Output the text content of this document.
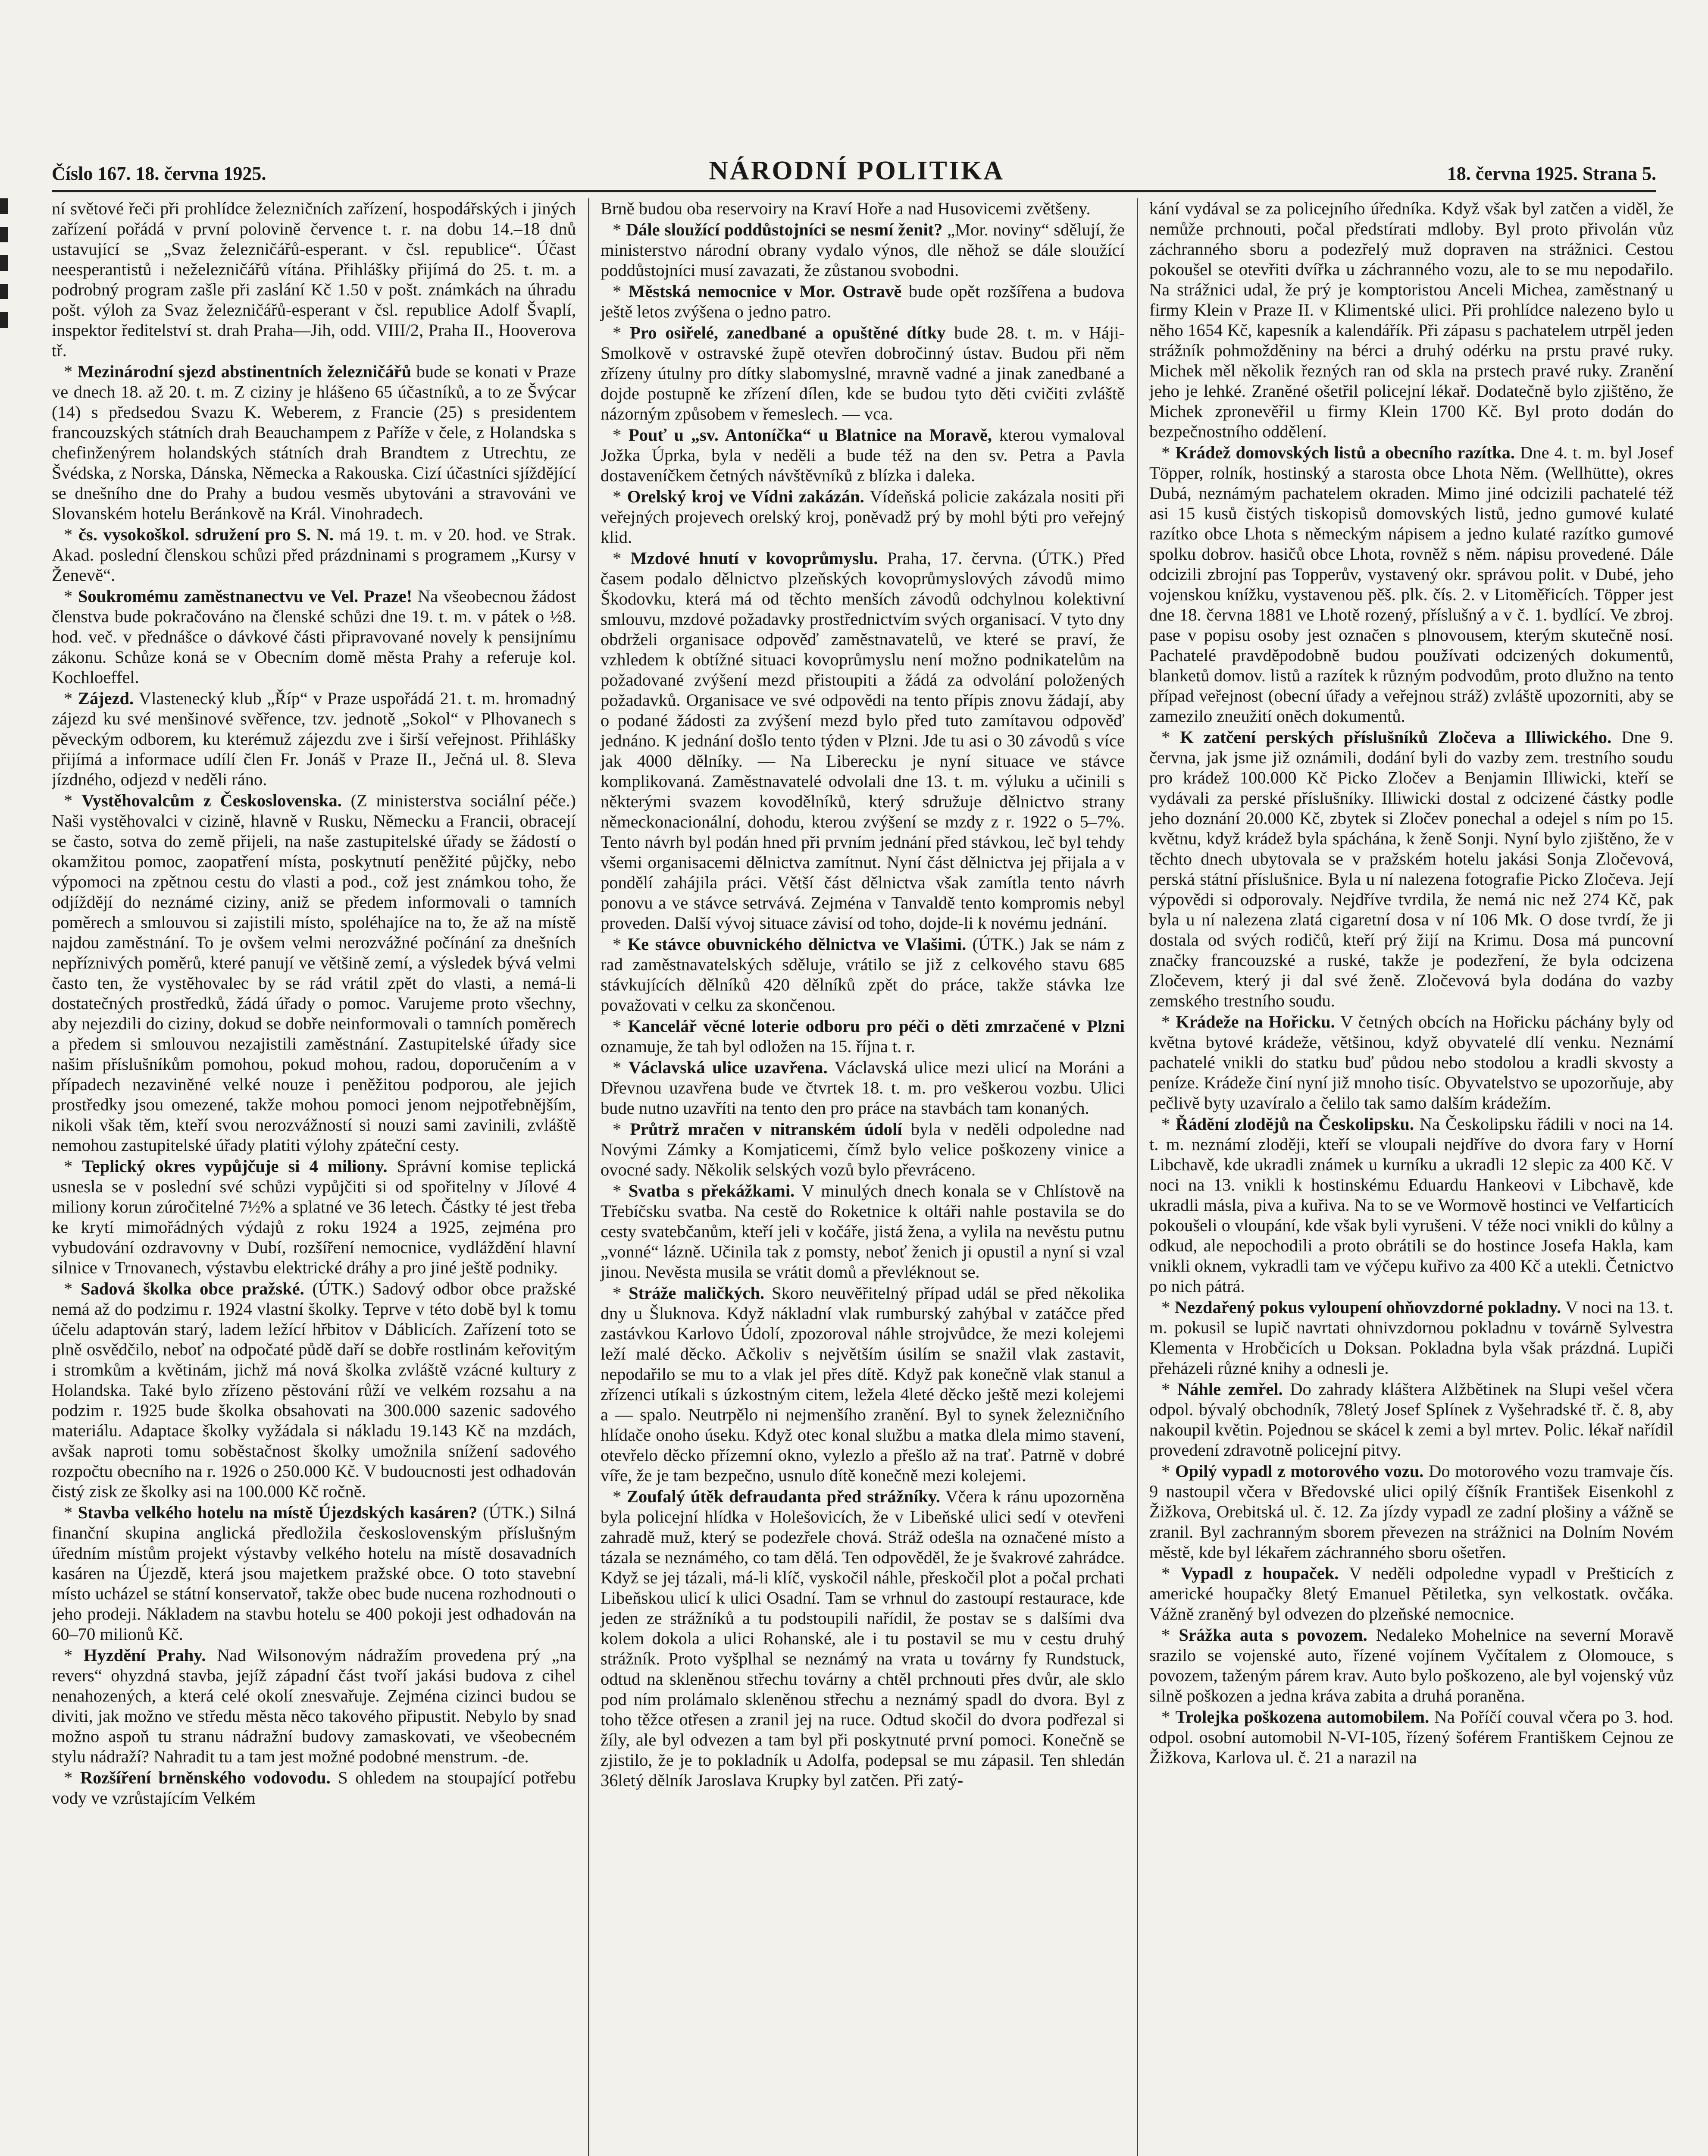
Číslo 167. 18. června 1925.	NÁRODNÍ POLITIKA	18. června 1925. Strana 5.

ní světové řeči při prohlídce železničních zařízení, hospodářských i jiných zařízení pořádá v první polovině července t. r. na dobu 14.–18 dnů ustavující se „Svaz železničářů-esperant. v čsl. republice“. Účast neesperantistů i neželezničářů vítána. Přihlášky přijímá do 25. t. m. a podrobný program zašle při zaslání Kč 1.50 v pošt. známkách na úhradu pošt. výloh za Svaz železničářů-esperant v čsl. republice Adolf Švaplí, inspektor ředitelství st. drah Praha—Jih, odd. VIII/2, Praha II., Hooverova tř.

* Mezinárodní sjezd abstinentních železničářů bude se konati v Praze ve dnech 18. až 20. t. m. Z ciziny je hlášeno 65 účastníků, a to ze Švýcar (14) s předsedou Svazu K. Weberem, z Francie (25) s presidentem francouzských státních drah Beauchampem z Paříže v čele, z Holandska s chefinženýrem holandských státních drah Brandtem z Utrechtu, ze Švédska, z Norska, Dánska, Německa a Rakouska. Cizí účastníci sjíždějící se dnešního dne do Prahy a budou vesměs ubytováni a stravováni ve Slovanském hotelu Beránkově na Král. Vinohradech.

* čs. vysokoškol. sdružení pro S. N. má 19. t. m. v 20. hod. ve Strak. Akad. poslední členskou schůzi před prázdninami s programem „Kursy v Ženevě“.

* Soukromému zaměstnanectvu ve Vel. Praze! Na všeobecnou žádost členstva bude pokračováno na členské schůzi dne 19. t. m. v pátek o ½8. hod. več. v přednášce o dávkové části připravované novely k pensijnímu zákonu. Schůze koná se v Obecním domě města Prahy a referuje kol. Kochloeffel.

* Zájezd. Vlastenecký klub „Říp“ v Praze uspořádá 21. t. m. hromadný zájezd ku své menšinové svěřence, tzv. jednotě „Sokol“ v Plhovanech s pěveckým odborem, ku kterémuž zájezdu zve i širší veřejnost. Přihlášky přijímá a informace udílí člen Fr. Jonáš v Praze II., Ječná ul. 8. Sleva jízdného, odjezd v neděli ráno.

* Vystěhovalcům z Československa. (Z ministerstva sociální péče.) Naši vystěhovalci v cizině, hlavně v Rusku, Německu a Francii, obracejí se často, sotva do země přijeli, na naše zastupitelské úřady se žádostí o okamžitou pomoc, zaopatření místa, poskytnutí peněžité půjčky, nebo výpomoci na zpětnou cestu do vlasti a pod., což jest známkou toho, že odjíždějí do neznámé ciziny, aniž se předem informovali o tamních poměrech a smlouvou si zajistili místo, spoléhajíce na to, že až na místě najdou zaměstnání. To je ovšem velmi nerozvážné počínání za dnešních nepříznivých poměrů, které panují ve většině zemí, a výsledek bývá velmi často ten, že vystěhovalec by se rád vrátil zpět do vlasti, a nemá-li dostatečných prostředků, žádá úřady o pomoc. Varujeme proto všechny, aby nejezdili do ciziny, dokud se dobře neinformovali o tamních poměrech a předem si smlouvou nezajistili zaměstnání. Zastupitelské úřady sice našim příslušníkům pomohou, pokud mohou, radou, doporučením a v případech nezaviněné velké nouze i peněžitou podporou, ale jejich prostředky jsou omezené, takže mohou pomoci jenom nejpotřebnějším, nikoli však těm, kteří svou nerozvážností si nouzi sami zavinili, zvláště nemohou zastupitelské úřady platiti výlohy zpáteční cesty.

* Teplický okres vypůjčuje si 4 miliony. Správní komise teplická usnesla se v poslední své schůzi vypůjčiti si od spořitelny v Jílové 4 miliony korun zúročitelné 7½% a splatné ve 36 letech. Částky té jest třeba ke krytí mimořádných výdajů z roku 1924 a 1925, zejména pro vybudování ozdravovny v Dubí, rozšíření nemocnice, vydláždění hlavní silnice v Trnovanech, výstavbu elektrické dráhy a pro jiné ještě podniky.

* Sadová školka obce pražské. (ÚTK.) Sadový odbor obce pražské nemá až do podzimu r. 1924 vlastní školky. Teprve v této době byl k tomu účelu adaptován starý, ladem ležící hřbitov v Dáblicích. Zařízení toto se plně osvědčilo, neboť na odpočaté půdě daří se dobře rostlinám keřovitým i stromkům a květinám, jichž má nová školka zvláště vzácné kultury z Holandska. Také bylo zřízeno pěstování růží ve velkém rozsahu a na podzim r. 1925 bude školka obsahovati na 300.000 sazenic sadového materiálu. Adaptace školky vyžádala si nákladu 19.143 Kč na mzdách, avšak naproti tomu soběstačnost školky umožnila snížení sadového rozpočtu obecního na r. 1926 o 250.000 Kč. V budoucnosti jest odhadován čistý zisk ze školky asi na 100.000 Kč ročně.

* Stavba velkého hotelu na místě Újezdských kasáren? (ÚTK.) Silná finanční skupina anglická předložila československým příslušným úředním místům projekt výstavby velkého hotelu na místě dosavadních kasáren na Újezdě, která jsou majetkem pražské obce. O toto stavební místo ucházel se státní konservatoř, takže obec bude nucena rozhodnouti o jeho prodeji. Nákladem na stavbu hotelu se 400 pokoji jest odhadován na 60–70 milionů Kč.

* Hyzdění Prahy. Nad Wilsonovým nádražím provedena prý „na revers“ ohyzdná stavba, jejíž západní část tvoří jakási budova z cihel nenahozených, a která celé okolí znesvařuje. Zejména cizinci budou se diviti, jak možno ve středu města něco takového připustit. Nebylo by snad možno aspoň tu stranu nádražní budovy zamaskovati, ve všeobecném stylu nádraží? Nahradit tu a tam jest možné podobné menstrum. -de.

* Rozšíření brněnského vodovodu. S ohledem na stoupající potřebu vody ve vzrůstajícím Velkém

Brně budou oba reservoiry na Kraví Hoře a nad Husovicemi zvětšeny.

* Dále sloužící poddůstojníci se nesmí ženit? „Mor. noviny“ sdělují, že ministerstvo národní obrany vydalo výnos, dle něhož se dále sloužící poddůstojníci musí zavazati, že zůstanou svobodni.

* Městská nemocnice v Mor. Ostravě bude opět rozšířena a budova ještě letos zvýšena o jedno patro.

* Pro osiřelé, zanedbané a opuštěné dítky bude 28. t. m. v Háji-Smolkově v ostravské župě otevřen dobročinný ústav. Budou při něm zřízeny útulny pro dítky slabomyslné, mravně vadné a jinak zanedbané a dojde postupně ke zřízení dílen, kde se budou tyto děti cvičiti zvláště názorným způsobem v řemeslech. — vca.

* Pouť u „sv. Antoníčka“ u Blatnice na Moravě, kterou vymaloval Jožka Úprka, byla v neděli a bude též na den sv. Petra a Pavla dostaveníčkem četných návštěvníků z blízka i daleka.

* Orelský kroj ve Vídni zakázán. Vídeňská policie zakázala nositi při veřejných projevech orelský kroj, poněvadž prý by mohl býti pro veřejný klid.

* Mzdové hnutí v kovoprůmyslu. Praha, 17. června. (ÚTK.) Před časem podalo dělnictvo plzeňských kovoprůmyslových závodů mimo Škodovku, která má od těchto menších závodů odchylnou kolektivní smlouvu, mzdové požadavky prostřednictvím svých organisací. V tyto dny obdrželi organisace odpověď zaměstnavatelů, ve které se praví, že vzhledem k obtížné situaci kovoprůmyslu není možno podnikatelům na požadované zvýšení mezd přistoupiti a žádá za odvolání položených požadavků. Organisace ve své odpovědi na tento přípis znovu žádají, aby o podané žádosti za zvýšení mezd bylo před tuto zamítavou odpověď jednáno. K jednání došlo tento týden v Plzni. Jde tu asi o 30 závodů s více jak 4000 dělníky. — Na Liberecku je nyní situace ve stávce komplikovaná. Zaměstnavatelé odvolali dne 13. t. m. výluku a učinili s některými svazem kovodělníků, který sdružuje dělnictvo strany německonacionální, dohodu, kterou zvýšení se mzdy z r. 1922 o 5–7%. Tento návrh byl podán hned při prvním jednání před stávkou, leč byl tehdy všemi organisacemi dělnictva zamítnut. Nyní část dělnictva jej přijala a v pondělí zahájila práci. Větší část dělnictva však zamítla tento návrh ponovu a ve stávce setrvává. Zejména v Tanvaldě tento kompromis nebyl proveden. Další vývoj situace závisí od toho, dojde-li k novému jednání.

* Ke stávce obuvnického dělnictva ve Vlašimi. (ÚTK.) Jak se nám z rad zaměstnavatelských sděluje, vrátilo se již z celkového stavu 685 stávkujících dělníků 420 dělníků zpět do práce, takže stávka lze považovati v celku za skončenou.

* Kancelář věcné loterie odboru pro péči o děti zmrzačené v Plzni oznamuje, že tah byl odložen na 15. října t. r.

* Václavská ulice uzavřena. Václavská ulice mezi ulicí na Moráni a Dřevnou uzavřena bude ve čtvrtek 18. t. m. pro veškerou vozbu. Ulici bude nutno uzavříti na tento den pro práce na stavbách tam konaných.

* Průtrž mračen v nitranském údolí byla v neděli odpoledne nad Novými Zámky a Komjaticemi, čímž bylo velice poškozeny vinice a ovocné sady. Několik selských vozů bylo převráceno.

* Svatba s překážkami. V minulých dnech konala se v Chlístově na Třebíčsku svatba. Na cestě do Roketnice k oltáři nahle postavila se do cesty svatebčanům, kteří jeli v kočáře, jistá žena, a vylila na nevěstu putnu „vonné“ lázně. Učinila tak z pomsty, neboť ženich ji opustil a nyní si vzal jinou. Nevěsta musila se vrátit domů a převléknout se.

* Stráže maličkých. Skoro neuvěřitelný případ udál se před několika dny u Šluknova. Když nákladní vlak rumburský zahýbal v zatáčce před zastávkou Karlovo Údolí, zpozoroval náhle strojvůdce, že mezi kolejemi leží malé děcko. Ačkoliv s největším úsilím se snažil vlak zastavit, nepodařilo se mu to a vlak jel přes dítě. Když pak konečně vlak stanul a zřízenci utíkali s úzkostným citem, ležela 4leté děcko ještě mezi kolejemi a — spalo. Neutrpělo ni nejmenšího zranění. Byl to synek železničního hlídače onoho úseku. Když otec konal službu a matka dlela mimo stavení, otevřelo děcko přízemní okno, vylezlo a přešlo až na trať. Patrně v dobré víře, že je tam bezpečno, usnulo dítě konečně mezi kolejemi.

* Zoufalý útěk defraudanta před strážníky. Včera k ránu upozorněna byla policejní hlídka v Holešovicích, že v Libeňské ulici sedí v otevřeni zahradě muž, který se podezřele chová. Stráž odešla na označené místo a tázala se neznámého, co tam dělá. Ten odpověděl, že je švakrové zahrádce. Když se jej tázali, má-li klíč, vyskočil náhle, přeskočil plot a počal prchati Libeňskou ulicí k ulici Osadní. Tam se vrhnul do zastoupí restaurace, kde jeden ze strážníků a tu podstoupili nařídil, že postav se s dalšími dva kolem dokola a ulici Rohanské, ale i tu postavil se mu v cestu druhý strážník. Proto vyšplhal se neznámý na vrata u továrny fy Rundstuck, odtud na skleněnou střechu továrny a chtěl prchnouti přes dvůr, ale sklo pod ním prolámalo skleněnou střechu a neznámý spadl do dvora. Byl z toho těžce otřesen a zranil jej na ruce. Odtud skočil do dvora podřezal si žíly, ale byl odvezen a tam byl při poskytnuté první pomoci. Konečně se zjistilo, že je to pokladník u Adolfa, podepsal se mu zápasil. Ten shledán 36letý dělník Jaroslava Krupky byl zatčen. Při zatý-

kání vydával se za policejního úředníka. Když však byl zatčen a viděl, že nemůže prchnouti, počal předstírati mdloby. Byl proto přivolán vůz záchranného sboru a podezřelý muž dopraven na strážnici. Cestou pokoušel se otevřiti dvířka u záchranného vozu, ale to se mu nepodařilo. Na strážnici udal, že prý je komptoristou Anceli Michea, zaměstnaný u firmy Klein v Praze II. v Klimentské ulici. Při prohlídce nalezeno bylo u něho 1654 Kč, kapesník a kalendářík. Při zápasu s pachatelem utrpěl jeden strážník pohmožděniny na bérci a druhý odérku na prstu pravé ruky. Michek měl několik řezných ran od skla na prstech pravé ruky. Zranění jeho je lehké. Zraněné ošetřil policejní lékař. Dodatečně bylo zjištěno, že Michek zpronevěřil u firmy Klein 1700 Kč. Byl proto dodán do bezpečnostního oddělení.

* Krádež domovských listů a obecního razítka. Dne 4. t. m. byl Josef Töpper, rolník, hostinský a starosta obce Lhota Něm. (Wellhütte), okres Dubá, neznámým pachatelem okraden. Mimo jiné odcizili pachatelé též asi 15 kusů čistých tiskopisů domovských listů, jedno gumové kulaté razítko obce Lhota s německým nápisem a jedno kulaté razítko gumové spolku dobrov. hasičů obce Lhota, rovněž s něm. nápisu provedené. Dále odcizili zbrojní pas Topperův, vystavený okr. správou polit. v Dubé, jeho vojenskou knížku, vystavenou pěš. plk. čís. 2. v Litoměřicích. Töpper jest dne 18. června 1881 ve Lhotě rozený, příslušný a v č. 1. bydlící. Ve zbroj. pase v popisu osoby jest označen s plnovousem, kterým skutečně nosí. Pachatelé pravděpodobně budou používati odcizených dokumentů, blanketů domov. listů a razítek k různým podvodům, proto dlužno na tento případ veřejnost (obecní úřady a veřejnou stráž) zvláště upozorniti, aby se zamezilo zneužití oněch dokumentů.

* K zatčení perských příslušníků Zločeva a Illiwického. Dne 9. června, jak jsme již oznámili, dodání byli do vazby zem. trestního soudu pro krádež 100.000 Kč Picko Zločev a Benjamin Illiwicki, kteří se vydávali za perské příslušníky. Illiwicki dostal z odcizené částky podle jeho doznání 20.000 Kč, zbytek si Zločev ponechal a odejel s ním po 15. květnu, když krádež byla spáchána, k ženě Sonji. Nyní bylo zjištěno, že v těchto dnech ubytovala se v pražském hotelu jakási Sonja Zločevová, perská státní příslušnice. Byla u ní nalezena fotografie Picko Zločeva. Její výpovědi si odporovaly. Nejdříve tvrdila, že nemá nic než 274 Kč, pak byla u ní nalezena zlatá cigaretní dosa v ní 106 Mk. O dose tvrdí, že ji dostala od svých rodičů, kteří prý žijí na Krimu. Dosa má puncovní značky francouzské a ruské, takže je podezření, že byla odcizena Zločevem, který ji dal své ženě. Zločevová byla dodána do vazby zemského trestního soudu.

* Krádeže na Hořicku. V četných obcích na Hořicku páchány byly od května bytové krádeže, většinou, když obyvatelé dlí venku. Neznámí pachatelé vnikli do statku buď půdou nebo stodolou a kradli skvosty a peníze. Krádeže činí nyní již mnoho tisíc. Obyvatelstvo se upozorňuje, aby pečlivě byty uzavíralo a čelilo tak samo dalším krádežím.

* Řádění zlodějů na Českolipsku. Na Českolipsku řádili v noci na 14. t. m. neznámí zloději, kteří se vloupali nejdříve do dvora fary v Horní Libchavě, kde ukradli známek u kurníku a ukradli 12 slepic za 400 Kč. V noci na 13. vnikli k hostinskému Eduardu Hankeovi v Libchavě, kde ukradli másla, piva a kuřiva. Na to se ve Wormově hostinci ve Velfarticích pokoušeli o vloupání, kde však byli vyrušeni. V téže noci vnikli do kůlny a odkud, ale nepochodili a proto obrátili se do hostince Josefa Hakla, kam vnikli oknem, vykradli tam ve výčepu kuřivo za 400 Kč a utekli. Četnictvo po nich pátrá.

* Nezdařený pokus vyloupení ohňovzdorné pokladny. V noci na 13. t. m. pokusil se lupič navrtati ohnivzdornou pokladnu v továrně Sylvestra Klementa v Hrobčicích u Doksan. Pokladna byla však prázdná. Lupiči přeházeli různé knihy a odnesli je.

* Náhle zemřel. Do zahrady kláštera Alžbětinek na Slupi vešel včera odpol. bývalý obchodník, 78letý Josef Splínek z Vyšehradské tř. č. 8, aby nakoupil květin. Pojednou se skácel k zemi a byl mrtev. Polic. lékař nařídil provedení zdravotně policejní pitvy.

* Opilý vypadl z motorového vozu. Do motorového vozu tramvaje čís. 9 nastoupil včera v Bředovské ulici opilý číšník František Eisenkohl z Žižkova, Orebitská ul. č. 12. Za jízdy vypadl ze zadní plošiny a vážně se zranil. Byl zachranným sborem převezen na strážnici na Dolním Novém městě, kde byl lékařem záchranného sboru ošetřen.

* Vypadl z houpaček. V neděli odpoledne vypadl v Prešticích z americké houpačky 8letý Emanuel Pětiletka, syn velkostatk. ovčáka. Vážně zraněný byl odvezen do plzeňské nemocnice.

* Srážka auta s povozem. Nedaleko Mohelnice na severní Moravě srazilo se vojenské auto, řízené vojínem Vyčítalem z Olomouce, s povozem, taženým párem krav. Auto bylo poškozeno, ale byl vojenský vůz silně poškozen a jedna kráva zabita a druhá poraněna.

* Trolejka poškozena automobilem. Na Poříčí couval včera po 3. hod. odpol. osobní automobil N-VI-105, řízený šoférem Františkem Cejnou ze Žižkova, Karlova ul. č. 21 a narazil na
